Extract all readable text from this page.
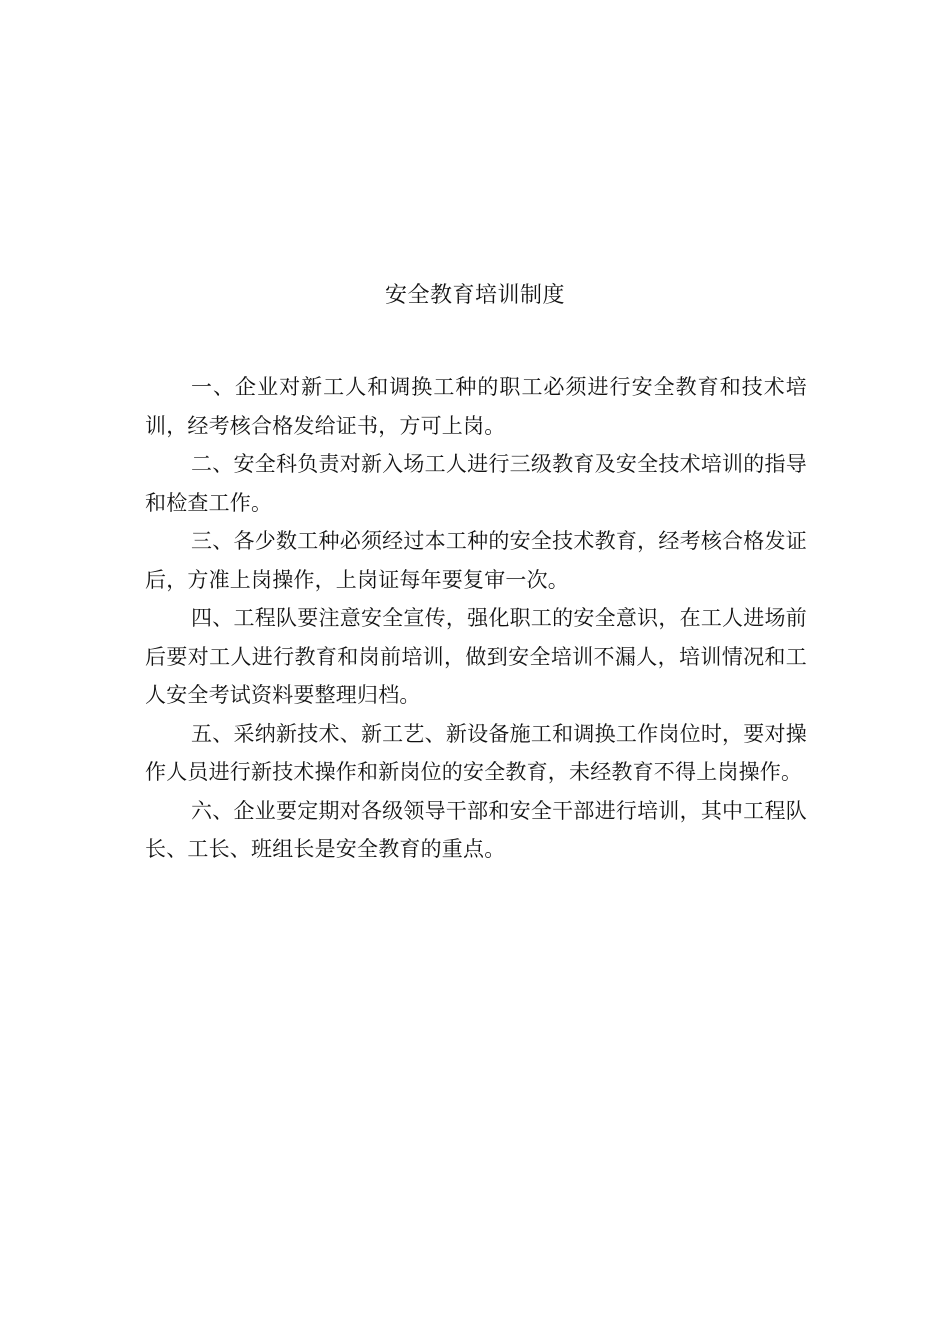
安全教育培训制度

一、企业对新工人和调换工种的职工必须进行安全教育和技术培训，经考核合格发给证书，方可上岗。

二、安全科负责对新入场工人进行三级教育及安全技术培训的指导和检查工作。

三、各少数工种必须经过本工种的安全技术教育，经考核合格发证后，方准上岗操作，上岗证每年要复审一次。

四、工程队要注意安全宣传，强化职工的安全意识，在工人进场前后要对工人进行教育和岗前培训，做到安全培训不漏人，培训情况和工人安全考试资料要整理归档。

五、采纳新技术、新工艺、新设备施工和调换工作岗位时，要对操作人员进行新技术操作和新岗位的安全教育，未经教育不得上岗操作。

六、企业要定期对各级领导干部和安全干部进行培训，其中工程队长、工长、班组长是安全教育的重点。
